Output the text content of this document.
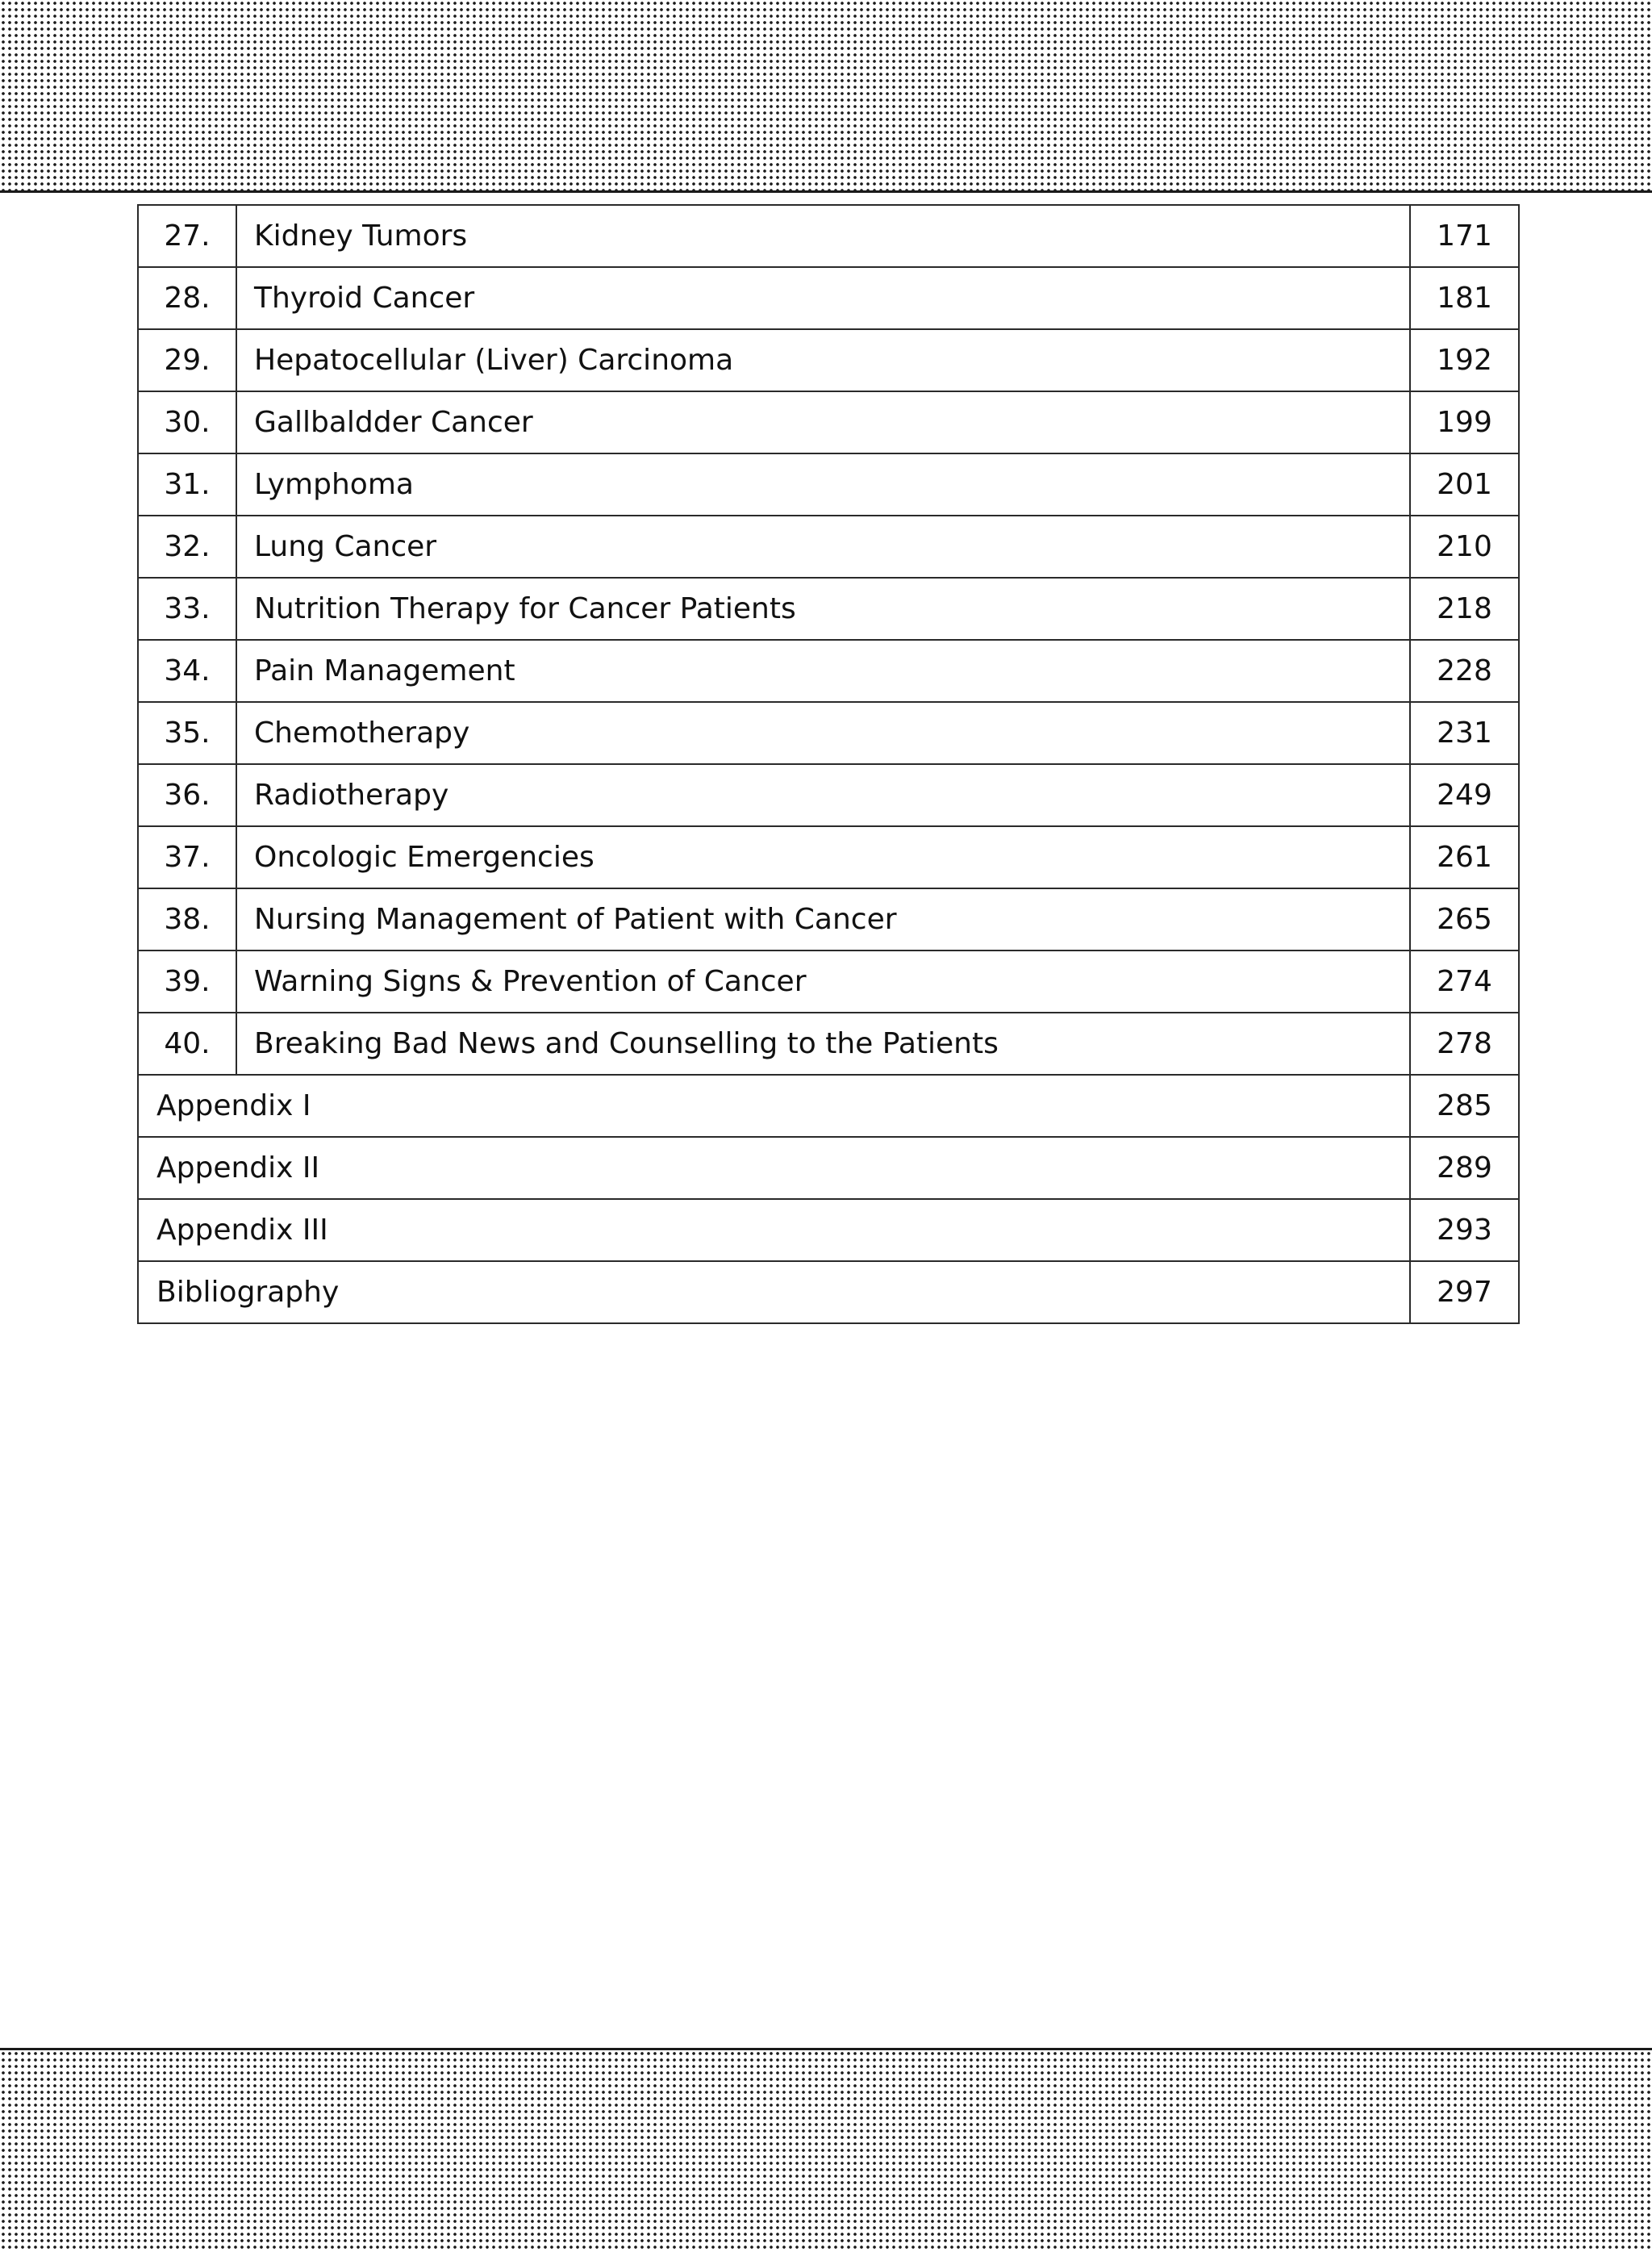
27.	Kidney Tumors	171
28.	Thyroid Cancer	181
29.	Hepatocellular (Liver) Carcinoma	192
30.	Gallbaldder Cancer	199
31.	Lymphoma	201
32.	Lung Cancer	210
33.	Nutrition Therapy for Cancer Patients	218
34.	Pain Management	228
35.	Chemotherapy	231
36.	Radiotherapy	249
37.	Oncologic Emergencies	261
38.	Nursing Management of Patient with Cancer	265
39.	Warning Signs & Prevention of Cancer	274
40.	Breaking Bad News and Counselling to the Patients	278
Appendix I		285
Appendix II		289
Appendix III		293
Bibliography		297
